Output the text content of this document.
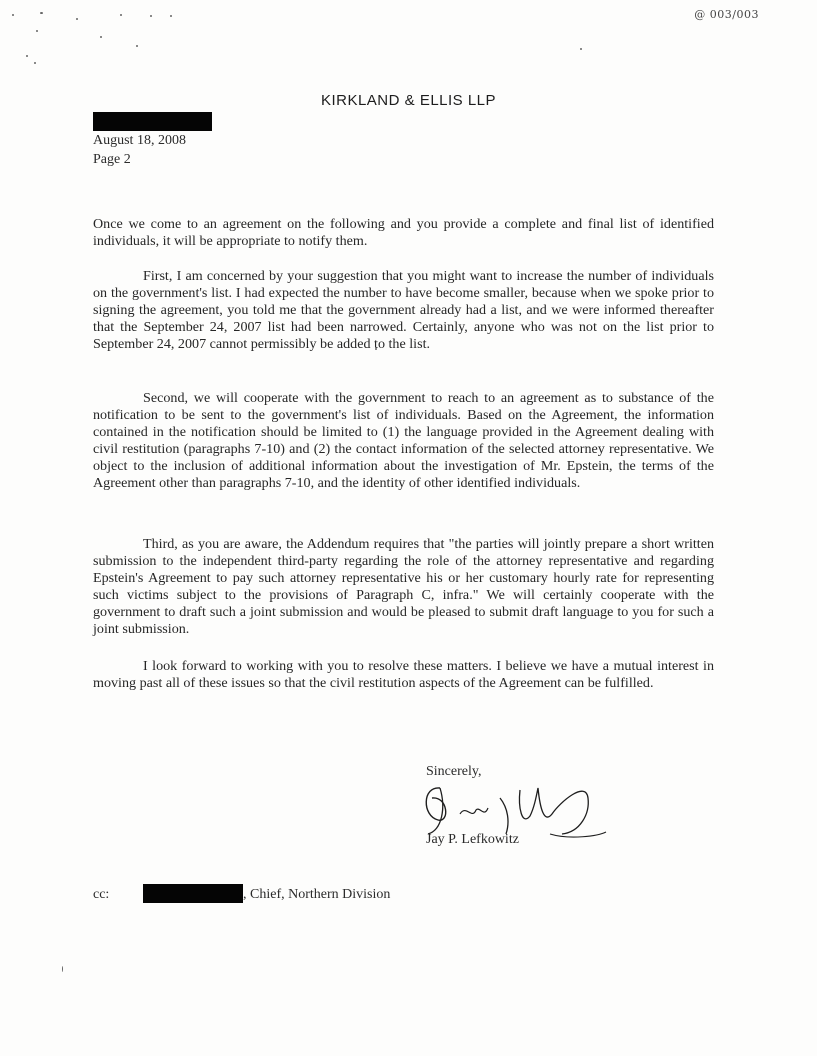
@ 003/003
KIRKLAND & ELLIS LLP
August 18, 2008
Page 2

Once we come to an agreement on the following and you provide a complete and final list of identified individuals, it will be appropriate to notify them.

First, I am concerned by your suggestion that you might want to increase the number of individuals on the government's list. I had expected the number to have become smaller, because when we spoke prior to signing the agreement, you told me that the government already had a list, and we were informed thereafter that the September 24, 2007 list had been narrowed. Certainly, anyone who was not on the list prior to September 24, 2007 cannot permissibly be added to the list.

Second, we will cooperate with the government to reach to an agreement as to substance of the notification to be sent to the government's list of individuals. Based on the Agreement, the information contained in the notification should be limited to (1) the language provided in the Agreement dealing with civil restitution (paragraphs 7-10) and (2) the contact information of the selected attorney representative. We object to the inclusion of additional information about the investigation of Mr. Epstein, the terms of the Agreement other than paragraphs 7-10, and the identity of other identified individuals.

Third, as you are aware, the Addendum requires that "the parties will jointly prepare a short written submission to the independent third-party regarding the role of the attorney representative and regarding Epstein's Agreement to pay such attorney representative his or her customary hourly rate for representing such victims subject to the provisions of Paragraph C, infra." We will certainly cooperate with the government to draft such a joint submission and would be pleased to submit draft language to you for such a joint submission.

I look forward to working with you to resolve these matters. I believe we have a mutual interest in moving past all of these issues so that the civil restitution aspects of the Agreement can be fulfilled.

Sincerely,
Jay P. Lefkowitz
cc:	, Chief, Northern Division
